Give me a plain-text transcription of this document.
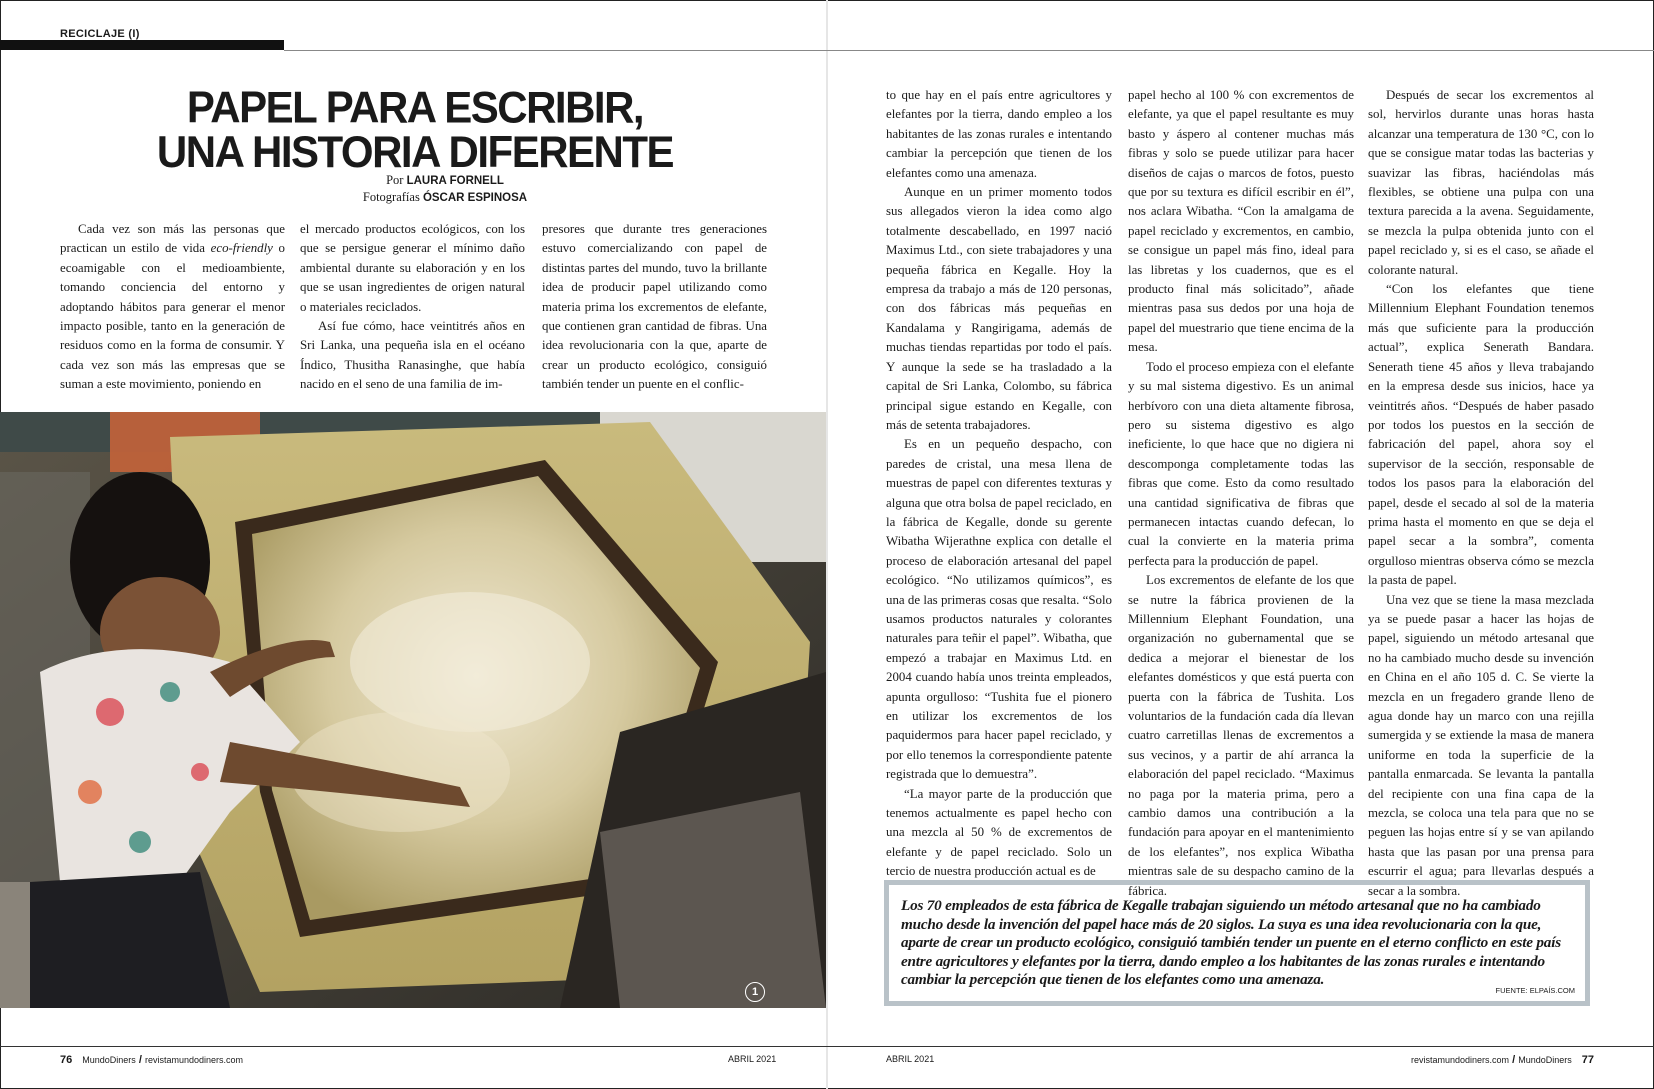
RECICLAJE (I)
PAPEL PARA ESCRIBIR,
UNA HISTORIA DIFERENTE
Por LAURA FORNELL
Fotografías ÓSCAR ESPINOSA

Cada vez son más las personas que practican un estilo de vida eco-friendly o ecoamigable con el medioambiente, tomando conciencia del entorno y adoptando hábitos para generar el menor impacto posible, tanto en la generación de residuos como en la forma de consumir. Y cada vez son más las empresas que se suman a este movimiento, poniendo en

el mercado productos ecológicos, con los que se persigue generar el mínimo daño ambiental durante su elaboración y en los que se usan ingredientes de origen natural o materiales reciclados.

Así fue cómo, hace veintitrés años en Sri Lanka, una pequeña isla en el océano Índico, Thusitha Ranasinghe, que había nacido en el seno de una familia de im-

presores que durante tres generaciones estuvo comercializando con papel de distintas partes del mundo, tuvo la brillante idea de producir papel utilizando como materia prima los excrementos de elefante, que contienen gran cantidad de fibras. Una idea revolucionaria con la que, aparte de crear un producto ecológico, consiguió también tender un puente en el conflic-

1

to que hay en el país entre agricultores y elefantes por la tierra, dando empleo a los habitantes de las zonas rurales e intentando cambiar la percepción que tienen de los elefantes como una amenaza.

Aunque en un primer momento todos sus allegados vieron la idea como algo totalmente descabellado, en 1997 nació Maximus Ltd., con siete trabajadores y una pequeña fábrica en Kegalle. Hoy la empresa da trabajo a más de 120 personas, con dos fábricas más pequeñas en Kandalama y Rangirigama, además de muchas tiendas repartidas por todo el país. Y aunque la sede se ha trasladado a la capital de Sri Lanka, Colombo, su fábrica principal sigue estando en Kegalle, con más de setenta trabajadores.

Es en un pequeño despacho, con paredes de cristal, una mesa llena de muestras de papel con diferentes texturas y alguna que otra bolsa de papel reciclado, en la fábrica de Kegalle, donde su gerente Wibatha Wijerathne explica con detalle el proceso de elaboración artesanal del papel ecológico. “No utilizamos químicos”, es una de las primeras cosas que resalta. “Solo usamos productos naturales y colorantes naturales para teñir el papel”. Wibatha, que empezó a trabajar en Maximus Ltd. en 2004 cuando había unos treinta empleados, apunta orgulloso: “Tushita fue el pionero en utilizar los excrementos de los paquidermos para hacer papel reciclado, y por ello tenemos la correspondiente patente registrada que lo demuestra”.

“La mayor parte de la producción que tenemos actualmente es papel hecho con una mezcla al 50 % de excrementos de elefante y de papel reciclado. Solo un tercio de nuestra producción actual es de

papel hecho al 100 % con excrementos de elefante, ya que el papel resultante es muy basto y áspero al contener muchas más fibras y solo se puede utilizar para hacer diseños de cajas o marcos de fotos, puesto que por su textura es difícil escribir en él”, nos aclara Wibatha. “Con la amalgama de papel reciclado y excrementos, en cambio, se consigue un papel más fino, ideal para las libretas y los cuadernos, que es el producto final más solicitado”, añade mientras pasa sus dedos por una hoja de papel del muestrario que tiene encima de la mesa.

Todo el proceso empieza con el elefante y su mal sistema digestivo. Es un animal herbívoro con una dieta altamente fibrosa, pero su sistema digestivo es algo ineficiente, lo que hace que no digiera ni descomponga completamente todas las fibras que come. Esto da como resultado una cantidad significativa de fibras que permanecen intactas cuando defecan, lo cual la convierte en la materia prima perfecta para la producción de papel.

Los excrementos de elefante de los que se nutre la fábrica provienen de la Millennium Elephant Foundation, una organización no gubernamental que se dedica a mejorar el bienestar de los elefantes domésticos y que está puerta con puerta con la fábrica de Tushita. Los voluntarios de la fundación cada día llevan cuatro carretillas llenas de excrementos a sus vecinos, y a partir de ahí arranca la elaboración del papel reciclado. “Maximus no paga por la materia prima, pero a cambio damos una contribución a la fundación para apoyar en el mantenimiento de los elefantes”, nos explica Wibatha mientras sale de su despacho camino de la fábrica.

Después de secar los excrementos al sol, hervirlos durante unas horas hasta alcanzar una temperatura de 130 °C, con lo que se consigue matar todas las bacterias y suavizar las fibras, haciéndolas más flexibles, se obtiene una pulpa con una textura parecida a la avena. Seguidamente, se mezcla la pulpa obtenida junto con el papel reciclado y, si es el caso, se añade el colorante natural.

“Con los elefantes que tiene Millennium Elephant Foundation tenemos más que suficiente para la producción actual”, explica Senerath Bandara. Senerath tiene 45 años y lleva trabajando en la empresa desde sus inicios, hace ya veintitrés años. “Después de haber pasado por todos los puestos en la sección de fabricación del papel, ahora soy el supervisor de la sección, responsable de todos los pasos para la elaboración del papel, desde el secado al sol de la materia prima hasta el momento en que se deja el papel secar a la sombra”, comenta orgulloso mientras observa cómo se mezcla la pasta de papel.

Una vez que se tiene la masa mezclada ya se puede pasar a hacer las hojas de papel, siguiendo un método artesanal que no ha cambiado mucho desde su invención en China en el año 105 d. C. Se vierte la mezcla en un fregadero grande lleno de agua donde hay un marco con una rejilla sumergida y se extiende la masa de manera uniforme en toda la superficie de la pantalla enmarcada. Se levanta la pantalla del recipiente con una fina capa de la mezcla, se coloca una tela para que no se peguen las hojas entre sí y se van apilando hasta que las pasan por una prensa para escurrir el agua; para llevarlas después a secar a la sombra.

Los 70 empleados de esta fábrica de Kegalle trabajan siguiendo un método artesanal que no ha cambiado mucho desde la invención del papel hace más de 20 siglos. La suya es una idea revolucionaria con la que, aparte de crear un producto ecológico, consiguió también tender un puente en el eterno conflicto en este país entre agricultores y elefantes por la tierra, dando empleo a los habitantes de las zonas rurales e intentando cambiar la percepción que tienen de los elefantes como una amenaza.
FUENTE: ELPAÍS.COM
76 MundoDiners / revistamundodiners.com	ABRIL 2021	ABRIL 2021	revistamundodiners.com / MundoDiners 77
